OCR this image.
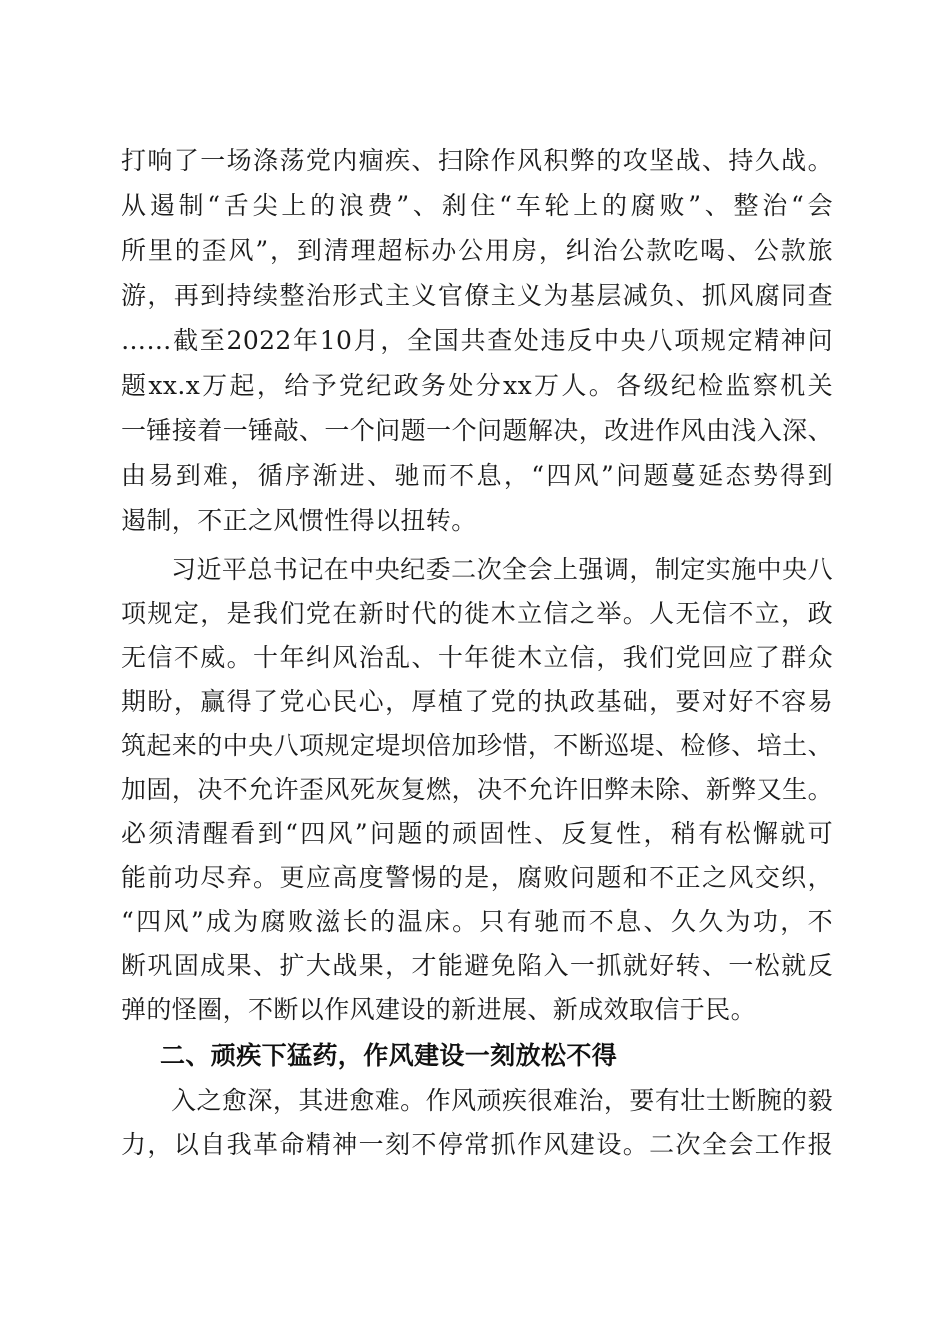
打响了一场涤荡党内痼疾、扫除作风积弊的攻坚战、持久战。
从遏制“舌尖上的浪费”、刹住“车轮上的腐败”、整治“会
所里的歪风”，到清理超标办公用房，纠治公款吃喝、公款旅
游，再到持续整治形式主义官僚主义为基层减负、抓风腐同查
……截至2022年10月，全国共查处违反中央八项规定精神问
题xx.x万起，给予党纪政务处分xx万人。各级纪检监察机关
一锤接着一锤敲、一个问题一个问题解决，改进作风由浅入深、
由易到难，循序渐进、驰而不息，“四风”问题蔓延态势得到
遏制，不正之风惯性得以扭转。
习近平总书记在中央纪委二次全会上强调，制定实施中央八
项规定，是我们党在新时代的徙木立信之举。人无信不立，政
无信不威。十年纠风治乱、十年徙木立信，我们党回应了群众
期盼，赢得了党心民心，厚植了党的执政基础，要对好不容易
筑起来的中央八项规定堤坝倍加珍惜，不断巡堤、检修、培土、
加固，决不允许歪风死灰复燃，决不允许旧弊未除、新弊又生。
必须清醒看到“四风”问题的顽固性、反复性，稍有松懈就可
能前功尽弃。更应高度警惕的是，腐败问题和不正之风交织，
“四风”成为腐败滋长的温床。只有驰而不息、久久为功，不
断巩固成果、扩大战果，才能避免陷入一抓就好转、一松就反
弹的怪圈，不断以作风建设的新进展、新成效取信于民。
二、顽疾下猛药，作风建设一刻放松不得
入之愈深，其进愈难。作风顽疾很难治，要有壮士断腕的毅
力，以自我革命精神一刻不停常抓作风建设。二次全会工作报
